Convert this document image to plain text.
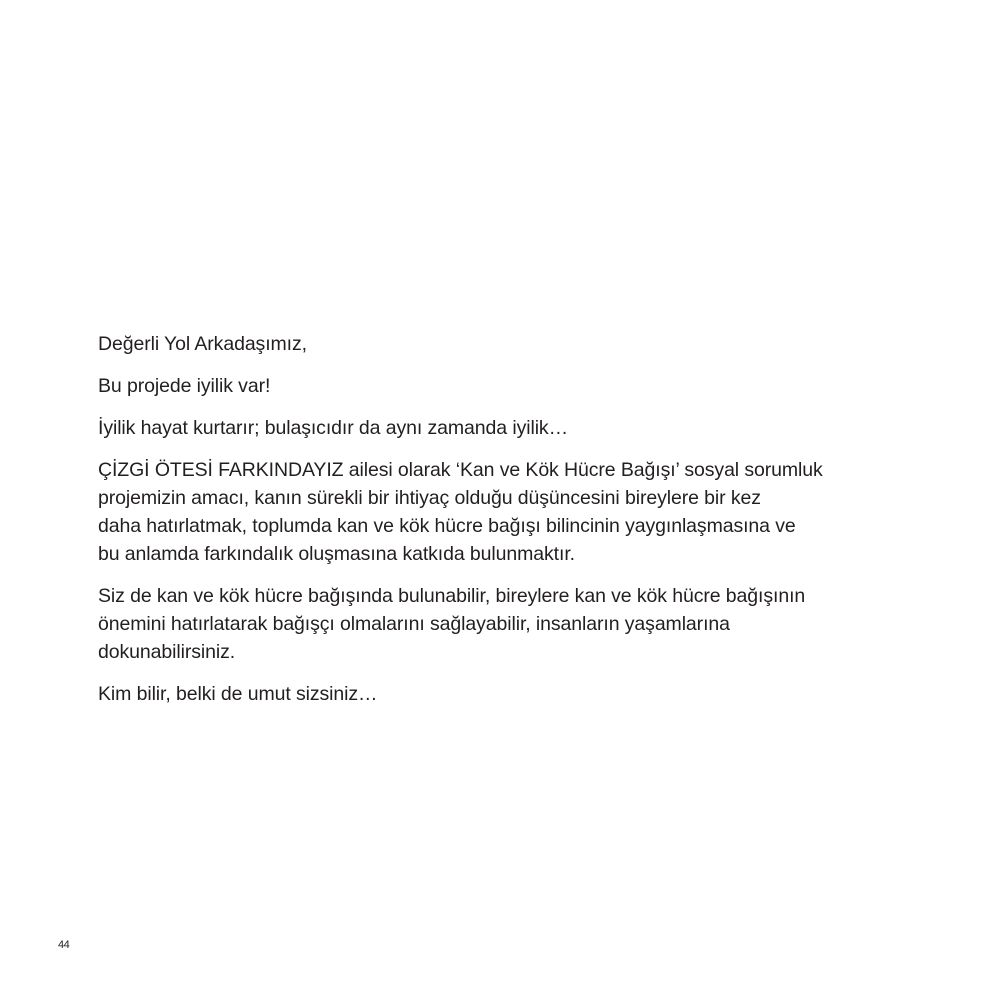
Değerli Yol Arkadaşımız,

Bu projede iyilik var!

İyilik hayat kurtarır; bulaşıcıdır da aynı zamanda iyilik…

ÇİZGİ ÖTESİ FARKINDAYIZ ailesi olarak ‘Kan ve Kök Hücre Bağışı’ sosyal sorumluk
projemizin amacı, kanın sürekli bir ihtiyaç olduğu düşüncesini bireylere bir kez
daha hatırlatmak, toplumda kan ve kök hücre bağışı bilincinin yaygınlaşmasına ve
bu anlamda farkındalık oluşmasına katkıda bulunmaktır.

Siz de kan ve kök hücre bağışında bulunabilir, bireylere kan ve kök hücre bağışının
önemini hatırlatarak bağışçı olmalarını sağlayabilir, insanların yaşamlarına
dokunabilirsiniz.

Kim bilir, belki de umut sizsiniz…

44
